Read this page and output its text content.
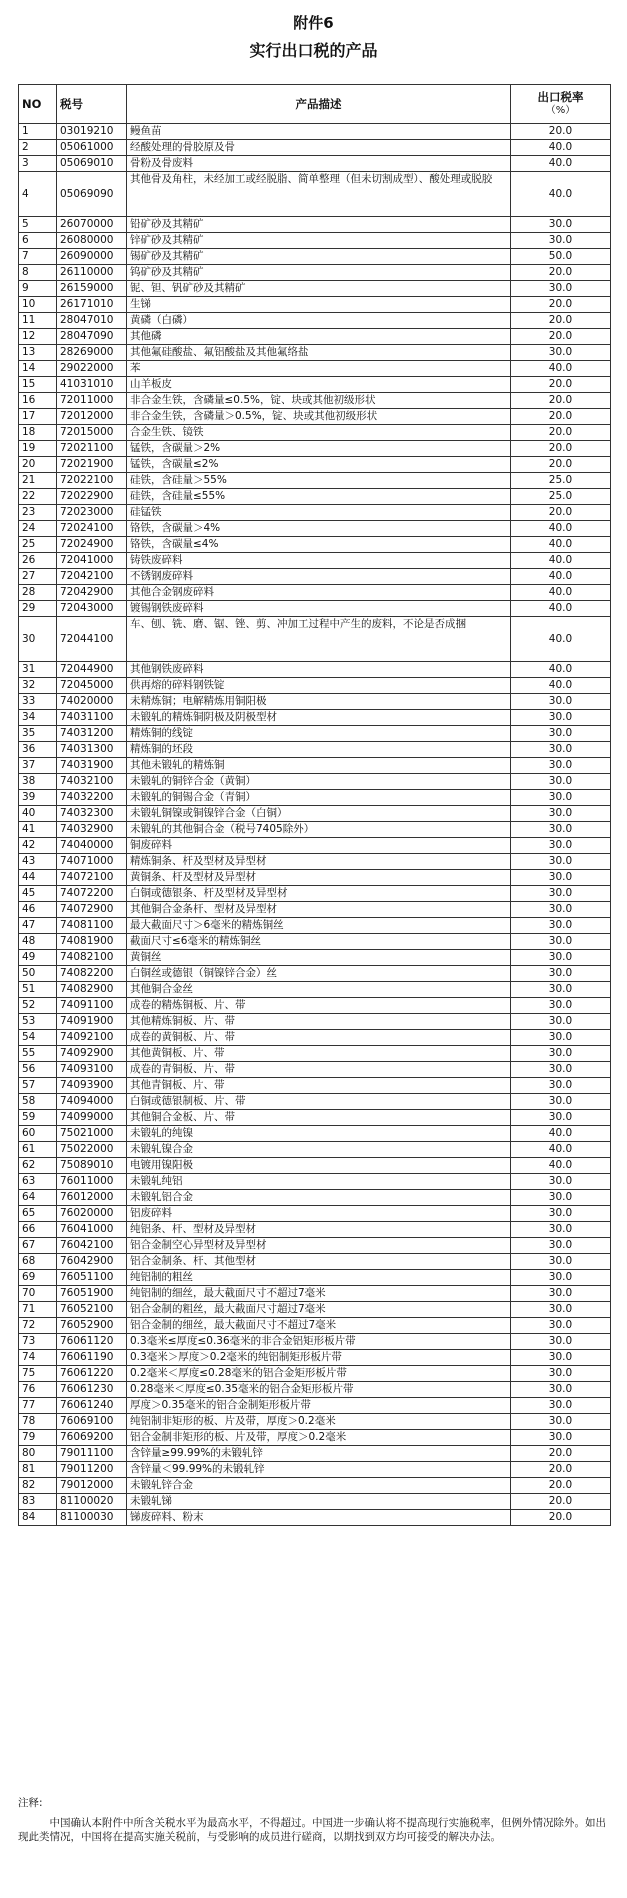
附件6
实行出口税的产品
NO	税号	产品描述	出口税率
（%）

1	03019210	鳗鱼苗	20.0
2	05061000	经酸处理的骨胶原及骨	40.0
3	05069010	骨粉及骨废料	40.0
4	05069090	其他骨及角柱，未经加工或经脱脂、简单整理（但未切割成型）、酸处理或脱胶	40.0
5	26070000	铅矿砂及其精矿	30.0
6	26080000	锌矿砂及其精矿	30.0
7	26090000	锡矿砂及其精矿	50.0
8	26110000	钨矿砂及其精矿	20.0
9	26159000	铌、钽、钒矿砂及其精矿	30.0
10	26171010	生锑	20.0
11	28047010	黄磷（白磷）	20.0
12	28047090	其他磷	20.0
13	28269000	其他氟硅酸盐、氟铝酸盐及其他氟络盐	30.0
14	29022000	苯	40.0
15	41031010	山羊板皮	20.0
16	72011000	非合金生铁，含磷量≤0.5%，锭、块或其他初级形状	20.0
17	72012000	非合金生铁，含磷量＞0.5%，锭、块或其他初级形状	20.0
18	72015000	合金生铁、镜铁	20.0
19	72021100	锰铁，含碳量＞2%	20.0
20	72021900	锰铁，含碳量≤2%	20.0
21	72022100	硅铁，含硅量＞55%	25.0
22	72022900	硅铁，含硅量≤55%	25.0
23	72023000	硅锰铁	20.0
24	72024100	铬铁，含碳量＞4%	40.0
25	72024900	铬铁，含碳量≤4%	40.0
26	72041000	铸铁废碎料	40.0
27	72042100	不锈钢废碎料	40.0
28	72042900	其他合金钢废碎料	40.0
29	72043000	镀锡钢铁废碎料	40.0
30	72044100	车、刨、铣、磨、锯、锉、剪、冲加工过程中产生的废料，不论是否成捆	40.0
31	72044900	其他钢铁废碎料	40.0
32	72045000	供再熔的碎料钢铁锭	40.0
33	74020000	未精炼铜；电解精炼用铜阳极	30.0
34	74031100	未锻轧的精炼铜阴极及阴极型材	30.0
35	74031200	精炼铜的线锭	30.0
36	74031300	精炼铜的坯段	30.0
37	74031900	其他未锻轧的精炼铜	30.0
38	74032100	未锻轧的铜锌合金（黄铜）	30.0
39	74032200	未锻轧的铜锡合金（青铜）	30.0
40	74032300	未锻轧铜镍或铜镍锌合金（白铜）	30.0
41	74032900	未锻轧的其他铜合金（税号7405除外）	30.0
42	74040000	铜废碎料	30.0
43	74071000	精炼铜条、杆及型材及异型材	30.0
44	74072100	黄铜条、杆及型材及异型材	30.0
45	74072200	白铜或德银条、杆及型材及异型材	30.0
46	74072900	其他铜合金条杆、型材及异型材	30.0
47	74081100	最大截面尺寸＞6毫米的精炼铜丝	30.0
48	74081900	截面尺寸≤6毫米的精炼铜丝	30.0
49	74082100	黄铜丝	30.0
50	74082200	白铜丝或德银（铜镍锌合金）丝	30.0
51	74082900	其他铜合金丝	30.0
52	74091100	成卷的精炼铜板、片、带	30.0
53	74091900	其他精炼铜板、片、带	30.0
54	74092100	成卷的黄铜板、片、带	30.0
55	74092900	其他黄铜板、片、带	30.0
56	74093100	成卷的青铜板、片、带	30.0
57	74093900	其他青铜板、片、带	30.0
58	74094000	白铜或德银制板、片、带	30.0
59	74099000	其他铜合金板、片、带	30.0
60	75021000	未锻轧的纯镍	40.0
61	75022000	未锻轧镍合金	40.0
62	75089010	电镀用镍阳极	40.0
63	76011000	未锻轧纯铝	30.0
64	76012000	未锻轧铝合金	30.0
65	76020000	铝废碎料	30.0
66	76041000	纯铝条、杆、型材及异型材	30.0
67	76042100	铝合金制空心异型材及异型材	30.0
68	76042900	铝合金制条、杆、其他型材	30.0
69	76051100	纯铝制的粗丝	30.0
70	76051900	纯铝制的细丝，最大截面尺寸不超过7毫米	30.0
71	76052100	铝合金制的粗丝，最大截面尺寸超过7毫米	30.0
72	76052900	铝合金制的细丝，最大截面尺寸不超过7毫米	30.0
73	76061120	0.3毫米≤厚度≤0.36毫米的非合金铝矩形板片带	30.0
74	76061190	0.3毫米＞厚度＞0.2毫米的纯铝制矩形板片带	30.0
75	76061220	0.2毫米＜厚度≤0.28毫米的铝合金矩形板片带	30.0
76	76061230	0.28毫米＜厚度≤0.35毫米的铝合金矩形板片带	30.0
77	76061240	厚度＞0.35毫米的铝合金制矩形板片带	30.0
78	76069100	纯铝制非矩形的板、片及带，厚度＞0.2毫米	30.0
79	76069200	铝合金制非矩形的板、片及带，厚度＞0.2毫米	30.0
80	79011100	含锌量≥99.99%的未锻轧锌	20.0
81	79011200	含锌量＜99.99%的未锻轧锌	20.0
82	79012000	未锻轧锌合金	20.0
83	81100020	未锻轧锑	20.0
84	81100030	锑废碎料、粉末	20.0
注释:
中国确认本附件中所含关税水平为最高水平，不得超过。中国进一步确认将不提高现行实施税率，但例外情况除外。如出现此类情况，中国将在提高实施关税前，与受影响的成员进行磋商，以期找到双方均可接受的解决办法。
